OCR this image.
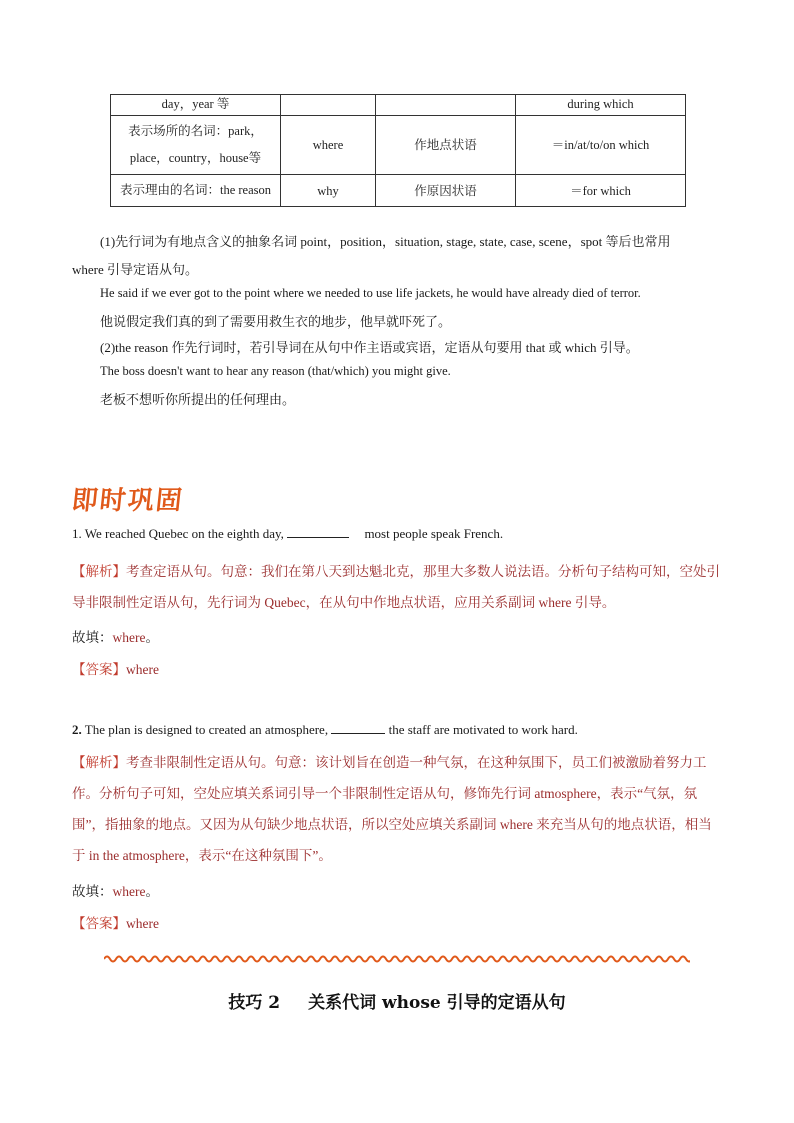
day，year 等			during which
表示场所的名词：park，place，country，house等	where	作地点状语	＝in/at/to/on which
表示理由的名词：the reason	why	作原因状语	＝for which
(1)先行词为有地点含义的抽象名词 point，position，situation, stage, state, case, scene，spot 等后也常用
where 引导定语从句。
He said if we ever got to the point where we needed to use life jackets, he would have already died of terror.
他说假定我们真的到了需要用救生衣的地步，他早就吓死了。
(2)the reason 作先行词时，若引导词在从句中作主语或宾语，定语从句要用 that 或 which 引导。
The boss doesn't want to hear any reason (that/which) you might give.
老板不想听你所提出的任何理由。
即时巩固
1. We reached Quebec on the eighth day,	most people speak French.
【解析】考查定语从句。句意：我们在第八天到达魁北克，那里大多数人说法语。分析句子结构可知，空处引导非限制性定语从句，先行词为 Quebec，在从句中作地点状语，应用关系副词 where 引导。
故填：where。
【答案】where
2. The plan is designed to created an atmosphere,	the staff are motivated to work hard.
【解析】考查非限制性定语从句。句意：该计划旨在创造一种气氛，在这种氛围下，员工们被激励着努力工作。分析句子可知，空处应填关系词引导一个非限制性定语从句，修饰先行词 atmosphere，表示“气氛，氛围”，指抽象的地点。又因为从句缺少地点状语，所以空处应填关系副词 where 来充当从句的地点状语，相当于 in the atmosphere，表示“在这种氛围下”。
故填：where。
【答案】where
技巧 2 关系代词 whose 引导的定语从句
